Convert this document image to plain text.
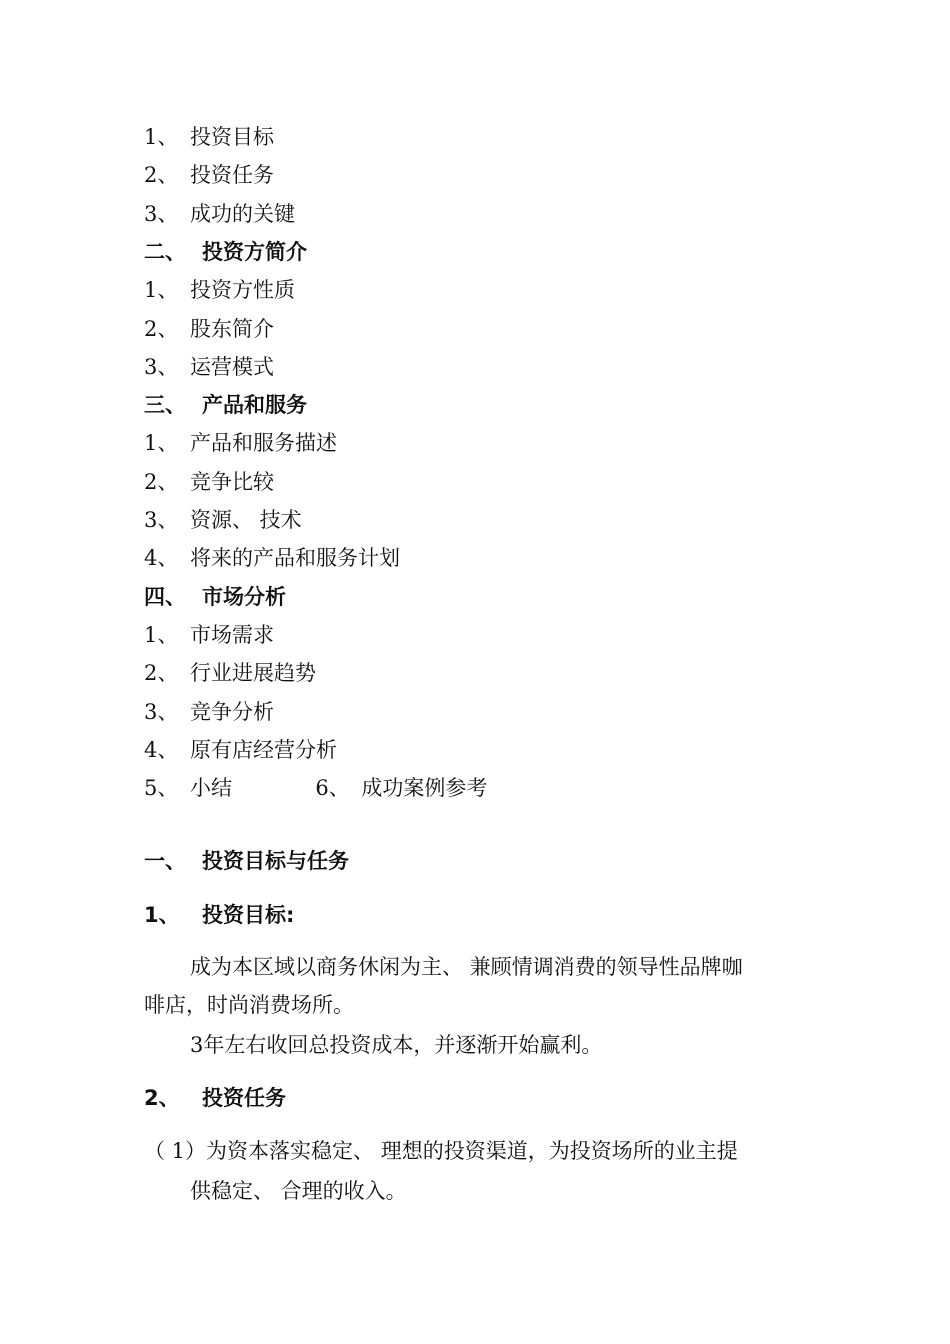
1、 投资目标
2、 投资任务
3、 成功的关键
二、 投资方简介
1、 投资方性质
2、 股东简介
3、 运营模式
三、 产品和服务
1、 产品和服务描述
2、 竞争比较
3、 资源、 技术
4、 将来的产品和服务计划
四、 市场分析
1、 市场需求
2、 行业进展趋势
3、 竞争分析
4、 原有店经营分析
5、 小结	6、 成功案例参考
一、 投资目标与任务
1、 投资目标:
成为本区域以商务休闲为主、 兼顾情调消费的领导性品牌咖
啡店，时尚消费场所。
3年左右收回总投资成本，并逐渐开始赢利。
2、 投资任务
（ 1）为资本落实稳定、 理想的投资渠道，为投资场所的业主提
供稳定、 合理的收入。
